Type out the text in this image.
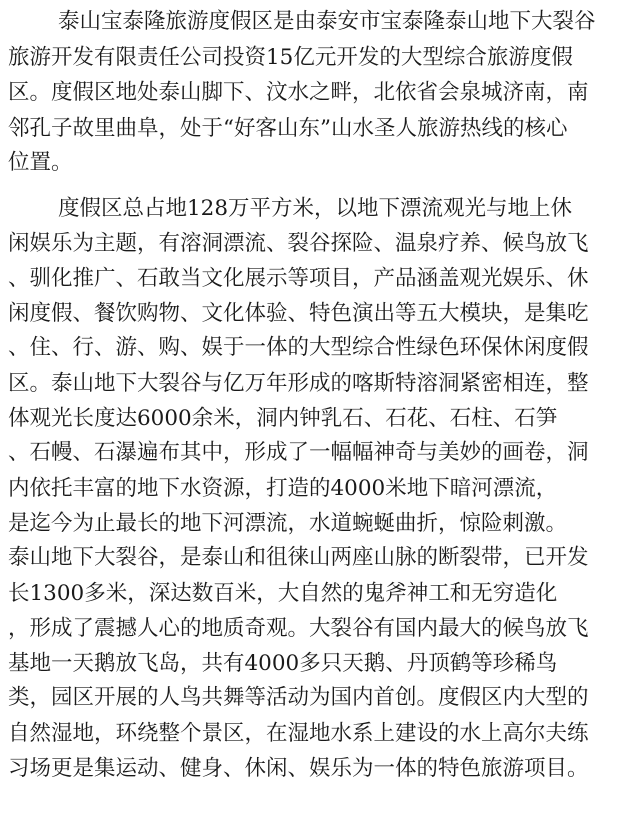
泰山宝泰隆旅游度假区是由泰安市宝泰隆泰山地下大裂谷
旅游开发有限责任公司投资15亿元开发的大型综合旅游度假
区。度假区地处泰山脚下、汶水之畔，北依省会泉城济南，南
邻孔子故里曲阜，处于“好客山东”山水圣人旅游热线的核心
位置。
度假区总占地128万平方米，以地下漂流观光与地上休
闲娱乐为主题，有溶洞漂流、裂谷探险、温泉疗养、候鸟放飞
、驯化推广、石敢当文化展示等项目，产品涵盖观光娱乐、休
闲度假、餐饮购物、文化体验、特色演出等五大模块，是集吃
、住、行、游、购、娱于一体的大型综合性绿色环保休闲度假
区。泰山地下大裂谷与亿万年形成的喀斯特溶洞紧密相连，整
体观光长度达6000余米，洞内钟乳石、石花、石柱、石笋
、石幔、石瀑遍布其中，形成了一幅幅神奇与美妙的画卷，洞
内依托丰富的地下水资源，打造的4000米地下暗河漂流，
是迄今为止最长的地下河漂流，水道蜿蜒曲折，惊险刺激。
泰山地下大裂谷，是泰山和徂徕山两座山脉的断裂带，已开发
长1300多米，深达数百米，大自然的鬼斧神工和无穷造化
，形成了震撼人心的地质奇观。大裂谷有国内最大的候鸟放飞
基地一天鹅放飞岛，共有4000多只天鹅、丹顶鹤等珍稀鸟
类，园区开展的人鸟共舞等活动为国内首创。度假区内大型的
自然湿地，环绕整个景区，在湿地水系上建设的水上高尔夫练
习场更是集运动、健身、休闲、娱乐为一体的特色旅游项目。
